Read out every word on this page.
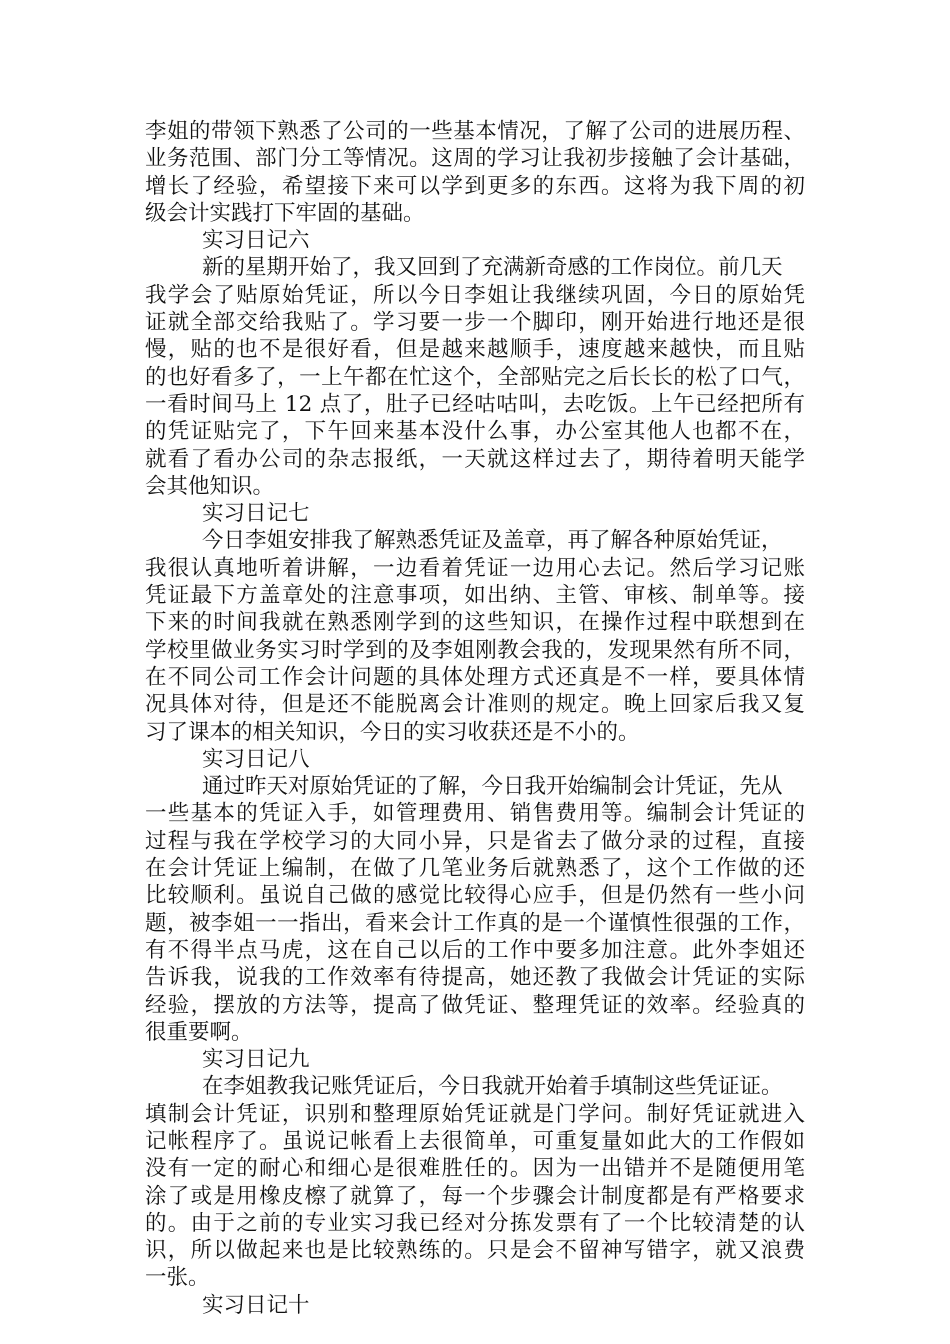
李姐的带领下熟悉了公司的一些基本情况，了解了公司的进展历程、
业务范围、部门分工等情况。这周的学习让我初步接触了会计基础，
增长了经验，希望接下来可以学到更多的东西。这将为我下周的初
级会计实践打下牢固的基础。
实习日记六
新的星期开始了，我又回到了充满新奇感的工作岗位。前几天
我学会了贴原始凭证，所以今日李姐让我继续巩固，今日的原始凭
证就全部交给我贴了。学习要一步一个脚印，刚开始进行地还是很
慢，贴的也不是很好看，但是越来越顺手，速度越来越快，而且贴
的也好看多了，一上午都在忙这个，全部贴完之后长长的松了口气，
一看时间马上 12 点了，肚子已经咕咕叫，去吃饭。上午已经把所有
的凭证贴完了，下午回来基本没什么事，办公室其他人也都不在，
就看了看办公司的杂志报纸，一天就这样过去了，期待着明天能学
会其他知识。
实习日记七
今日李姐安排我了解熟悉凭证及盖章，再了解各种原始凭证，
我很认真地听着讲解，一边看着凭证一边用心去记。然后学习记账
凭证最下方盖章处的注意事项，如出纳、主管、审核、制单等。接
下来的时间我就在熟悉刚学到的这些知识，在操作过程中联想到在
学校里做业务实习时学到的及李姐刚教会我的，发现果然有所不同，
在不同公司工作会计问题的具体处理方式还真是不一样，要具体情
况具体对待，但是还不能脱离会计准则的规定。晚上回家后我又复
习了课本的相关知识，今日的实习收获还是不小的。
实习日记八
通过昨天对原始凭证的了解，今日我开始编制会计凭证，先从
一些基本的凭证入手，如管理费用、销售费用等。编制会计凭证的
过程与我在学校学习的大同小异，只是省去了做分录的过程，直接
在会计凭证上编制，在做了几笔业务后就熟悉了，这个工作做的还
比较顺利。虽说自己做的感觉比较得心应手，但是仍然有一些小问
题，被李姐一一指出，看来会计工作真的是一个谨慎性很强的工作，
有不得半点马虎，这在自己以后的工作中要多加注意。此外李姐还
告诉我，说我的工作效率有待提高，她还教了我做会计凭证的实际
经验，摆放的方法等，提高了做凭证、整理凭证的效率。经验真的
很重要啊。
实习日记九
在李姐教我记账凭证后，今日我就开始着手填制这些凭证证。
填制会计凭证，识别和整理原始凭证就是门学问。制好凭证就进入
记帐程序了。虽说记帐看上去很简单，可重复量如此大的工作假如
没有一定的耐心和细心是很难胜任的。因为一出错并不是随便用笔
涂了或是用橡皮檫了就算了，每一个步骤会计制度都是有严格要求
的。由于之前的专业实习我已经对分拣发票有了一个比较清楚的认
识，所以做起来也是比较熟练的。只是会不留神写错字，就又浪费
一张。
实习日记十
